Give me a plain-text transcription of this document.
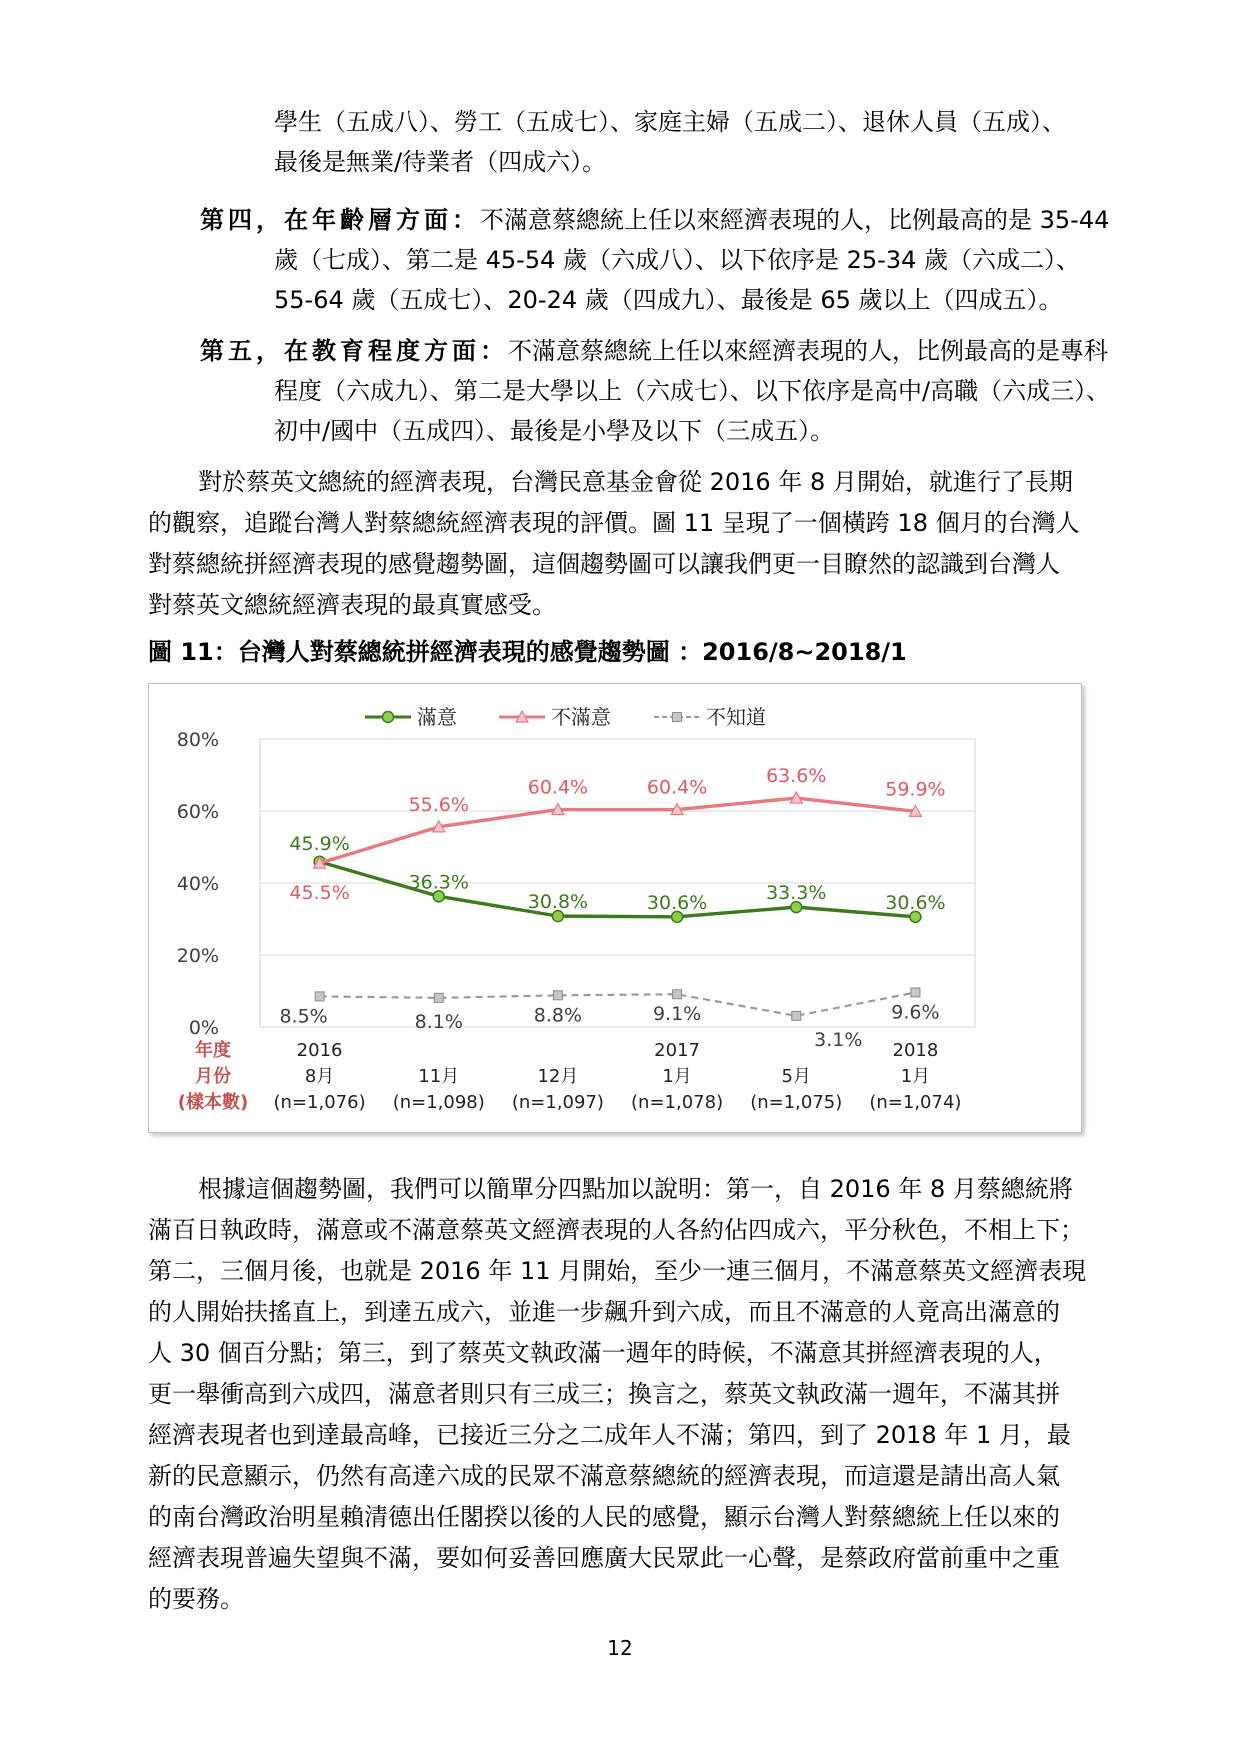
學生（五成八）、勞工（五成七）、家庭主婦（五成二）、退休人員（五成）、
最後是無業/待業者（四成六）。
第四，在年齡層方面：不滿意蔡總統上任以來經濟表現的人，比例最高的是 35-44
歲（七成）、第二是 45-54 歲（六成八）、以下依序是 25-34 歲（六成二）、
55-64 歲（五成七）、20-24 歲（四成九）、最後是 65 歲以上（四成五）。
第五，在教育程度方面：不滿意蔡總統上任以來經濟表現的人，比例最高的是專科
程度（六成九）、第二是大學以上（六成七）、以下依序是高中/高職（六成三）、
初中/國中（五成四）、最後是小學及以下（三成五）。
對於蔡英文總統的經濟表現，台灣民意基金會從 2016 年 8 月開始，就進行了長期
的觀察，追蹤台灣人對蔡總統經濟表現的評價。圖 11 呈現了一個橫跨 18 個月的台灣人
對蔡總統拼經濟表現的感覺趨勢圖，這個趨勢圖可以讓我們更一目瞭然的認識到台灣人
對蔡英文總統經濟表現的最真實感受。
圖 11：台灣人對蔡總統拼經濟表現的感覺趨勢圖 ：2016/8~2018/1
80%
60%
40%
20%
0%
滿意	不滿意	不知道
45.9%
36.3%
30.8%	30.6%	33.3%	30.6%
45.5%
55.6%
60.4%	60.4%
63.6%
59.9%
8.5%	8.1%	8.8%	9.1%
3.1%
9.6%
年度
月份
(樣本數)
2016
8月
(n=1,076)
11月
(n=1,098)
12月
(n=1,097)
2017
1月
(n=1,078)
5月
(n=1,075)
2018
1月
(n=1,074)
根據這個趨勢圖，我們可以簡單分四點加以說明：第一，自 2016 年 8 月蔡總統將
滿百日執政時，滿意或不滿意蔡英文經濟表現的人各約佔四成六，平分秋色，不相上下；
第二，三個月後，也就是 2016 年 11 月開始，至少一連三個月，不滿意蔡英文經濟表現
的人開始扶搖直上，到達五成六，並進一步飆升到六成，而且不滿意的人竟高出滿意的
人 30 個百分點；第三，到了蔡英文執政滿一週年的時候，不滿意其拼經濟表現的人，
更一舉衝高到六成四，滿意者則只有三成三；換言之，蔡英文執政滿一週年，不滿其拼
經濟表現者也到達最高峰，已接近三分之二成年人不滿；第四，到了 2018 年 1 月，最
新的民意顯示，仍然有高達六成的民眾不滿意蔡總統的經濟表現，而這還是請出高人氣
的南台灣政治明星賴清德出任閣揆以後的人民的感覺，顯示台灣人對蔡總統上任以來的
經濟表現普遍失望與不滿，要如何妥善回應廣大民眾此一心聲，是蔡政府當前重中之重
的要務。
12
